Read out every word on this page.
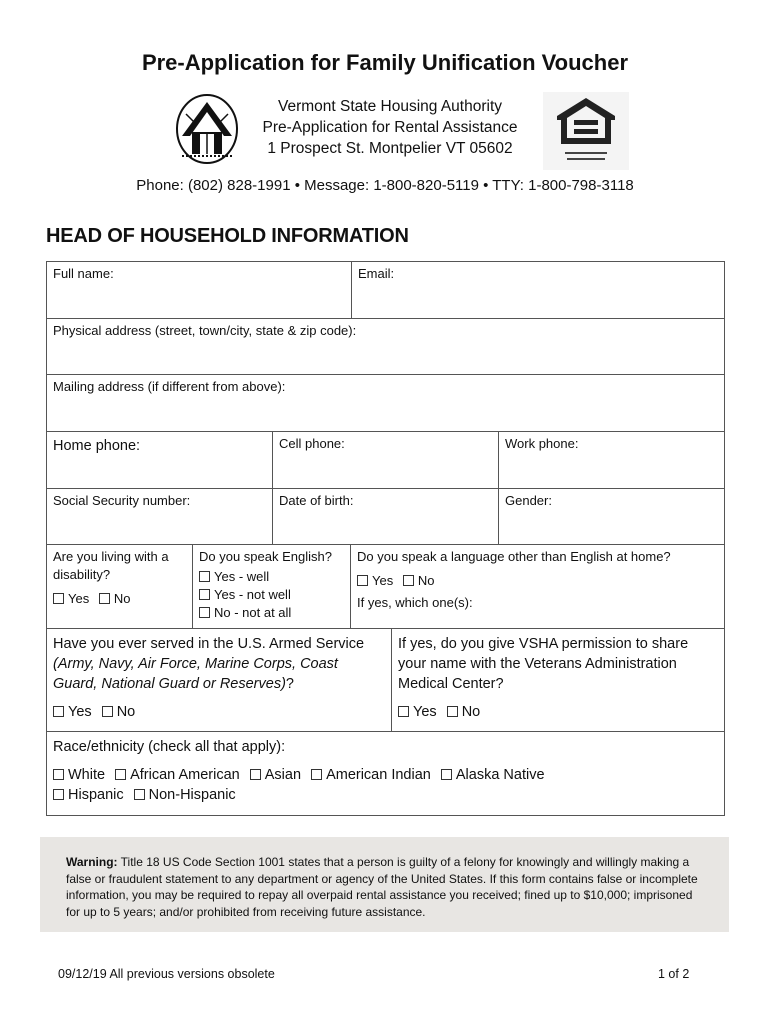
Pre-Application for Family Unification Voucher
Vermont State Housing Authority
Pre-Application for Rental Assistance
1 Prospect St. Montpelier VT 05602
Phone: (802) 828-1991 • Message: 1-800-820-5119 • TTY: 1-800-798-3118
HEAD OF HOUSEHOLD INFORMATION
Full name:	Email:
Physical address (street, town/city, state & zip code):
Mailing address (if different from above):
Home phone:	Cell phone:	Work phone:
Social Security number:	Date of birth:	Gender:
Are you living with a disability?
Yes No
Do you speak English?
Yes - well
Yes - not well
No - not at all
Do you speak a language other than English at home?
Yes No
If yes, which one(s):
Have you ever served in the U.S. Armed Service (Army, Navy, Air Force, Marine Corps, Coast Guard, National Guard or Reserves)?
Yes No
If yes, do you give VSHA permission to share your name with the Veterans Administration Medical Center?
Yes No
Race/ethnicity (check all that apply):
White African American Asian American Indian Alaska Native
Hispanic Non-Hispanic
Warning: Title 18 US Code Section 1001 states that a person is guilty of a felony for knowingly and willingly making a false or fraudulent statement to any department or agency of the United States. If this form contains false or incomplete information, you may be required to repay all overpaid rental assistance you received; fined up to $10,000; imprisoned for up to 5 years; and/or prohibited from receiving future assistance.
09/12/19 All previous versions obsolete	1 of 2
